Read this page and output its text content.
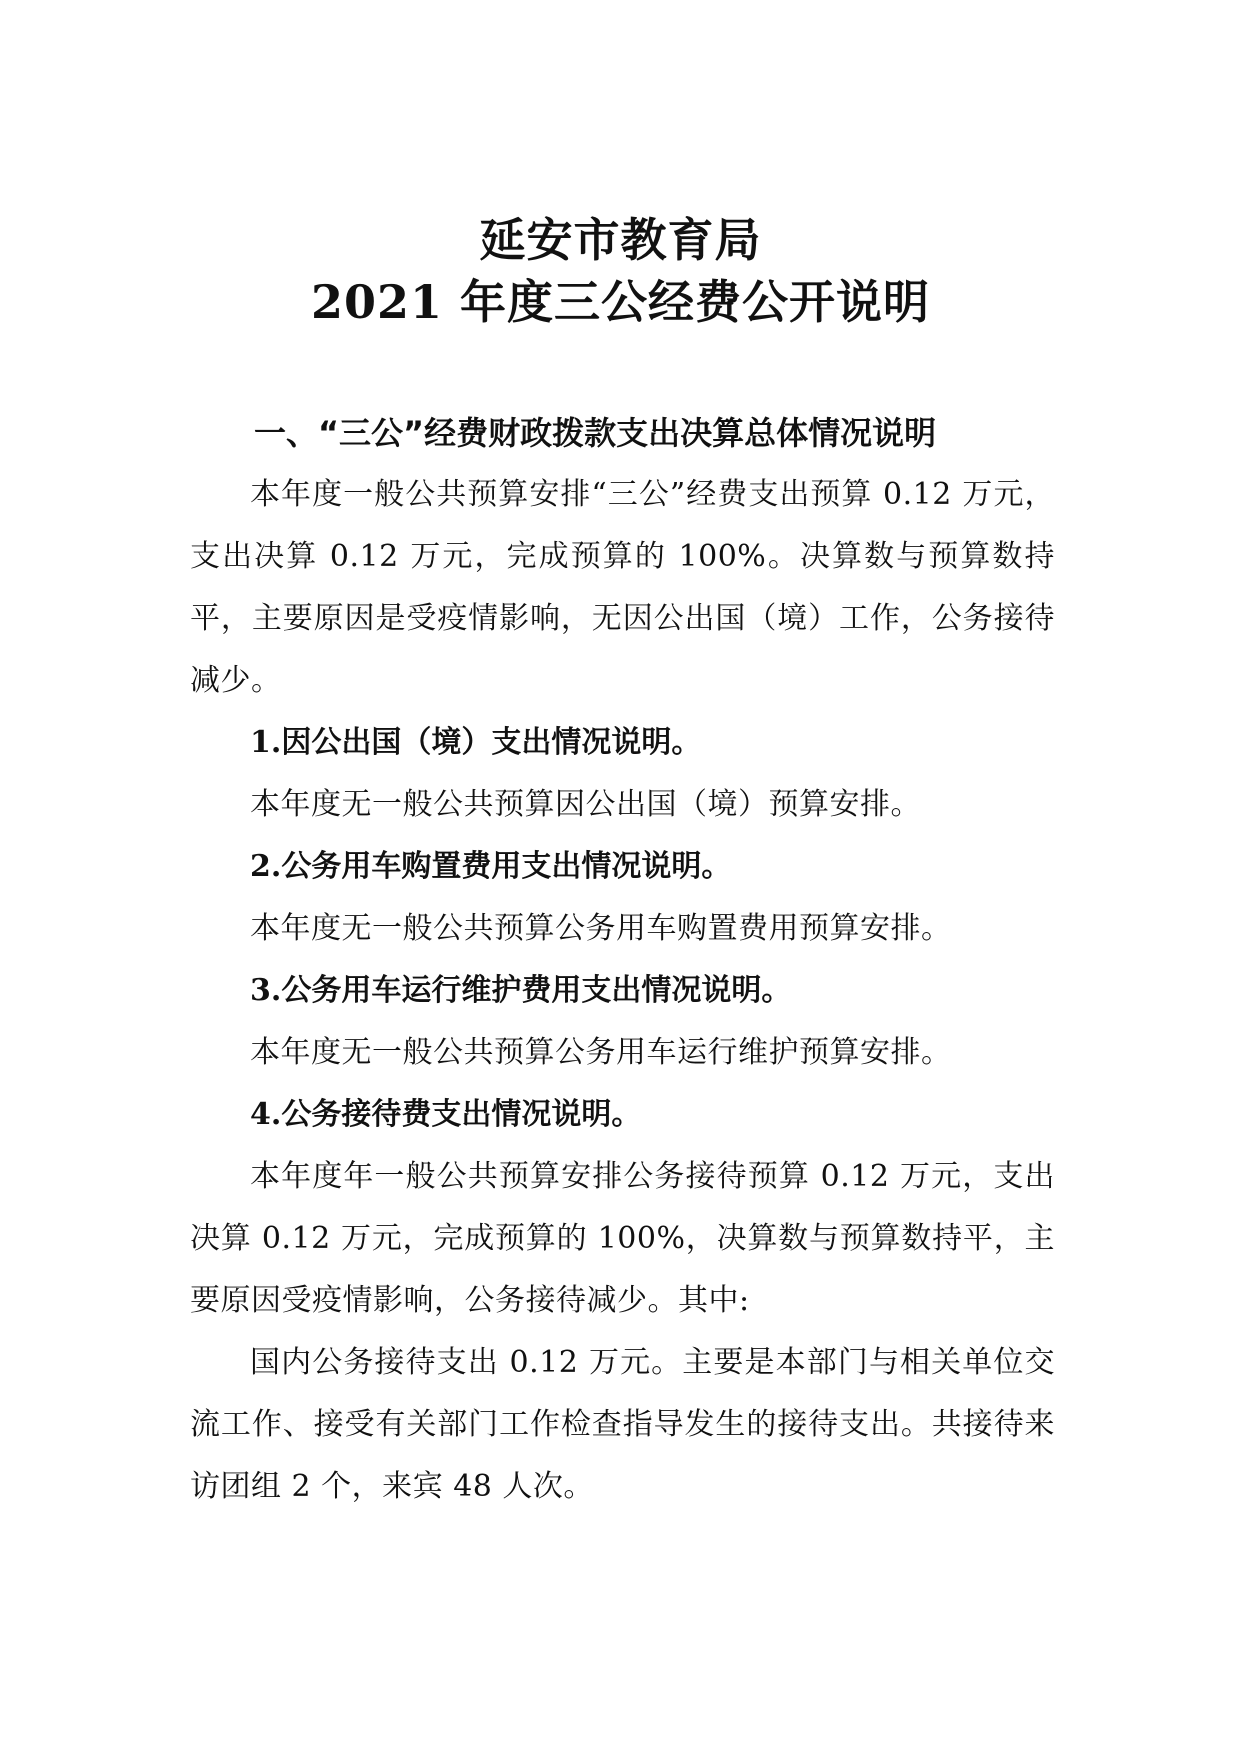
延安市教育局
2021 年度三公经费公开说明

一、“三公”经费财政拨款支出决算总体情况说明

本年度一般公共预算安排“三公”经费支出预算 0.12 万元，支出决算 0.12 万元，完成预算的 100%。决算数与预算数持平，主要原因是受疫情影响，无因公出国（境）工作，公务接待减少。

1.因公出国（境）支出情况说明。

本年度无一般公共预算因公出国（境）预算安排。

2.公务用车购置费用支出情况说明。

本年度无一般公共预算公务用车购置费用预算安排。

3.公务用车运行维护费用支出情况说明。

本年度无一般公共预算公务用车运行维护预算安排。

4.公务接待费支出情况说明。

本年度年一般公共预算安排公务接待预算 0.12 万元，支出决算 0.12 万元，完成预算的 100%，决算数与预算数持平，主要原因受疫情影响，公务接待减少。其中:

国内公务接待支出 0.12 万元。主要是本部门与相关单位交流工作、接受有关部门工作检查指导发生的接待支出。共接待来访团组 2 个，来宾 48 人次。
